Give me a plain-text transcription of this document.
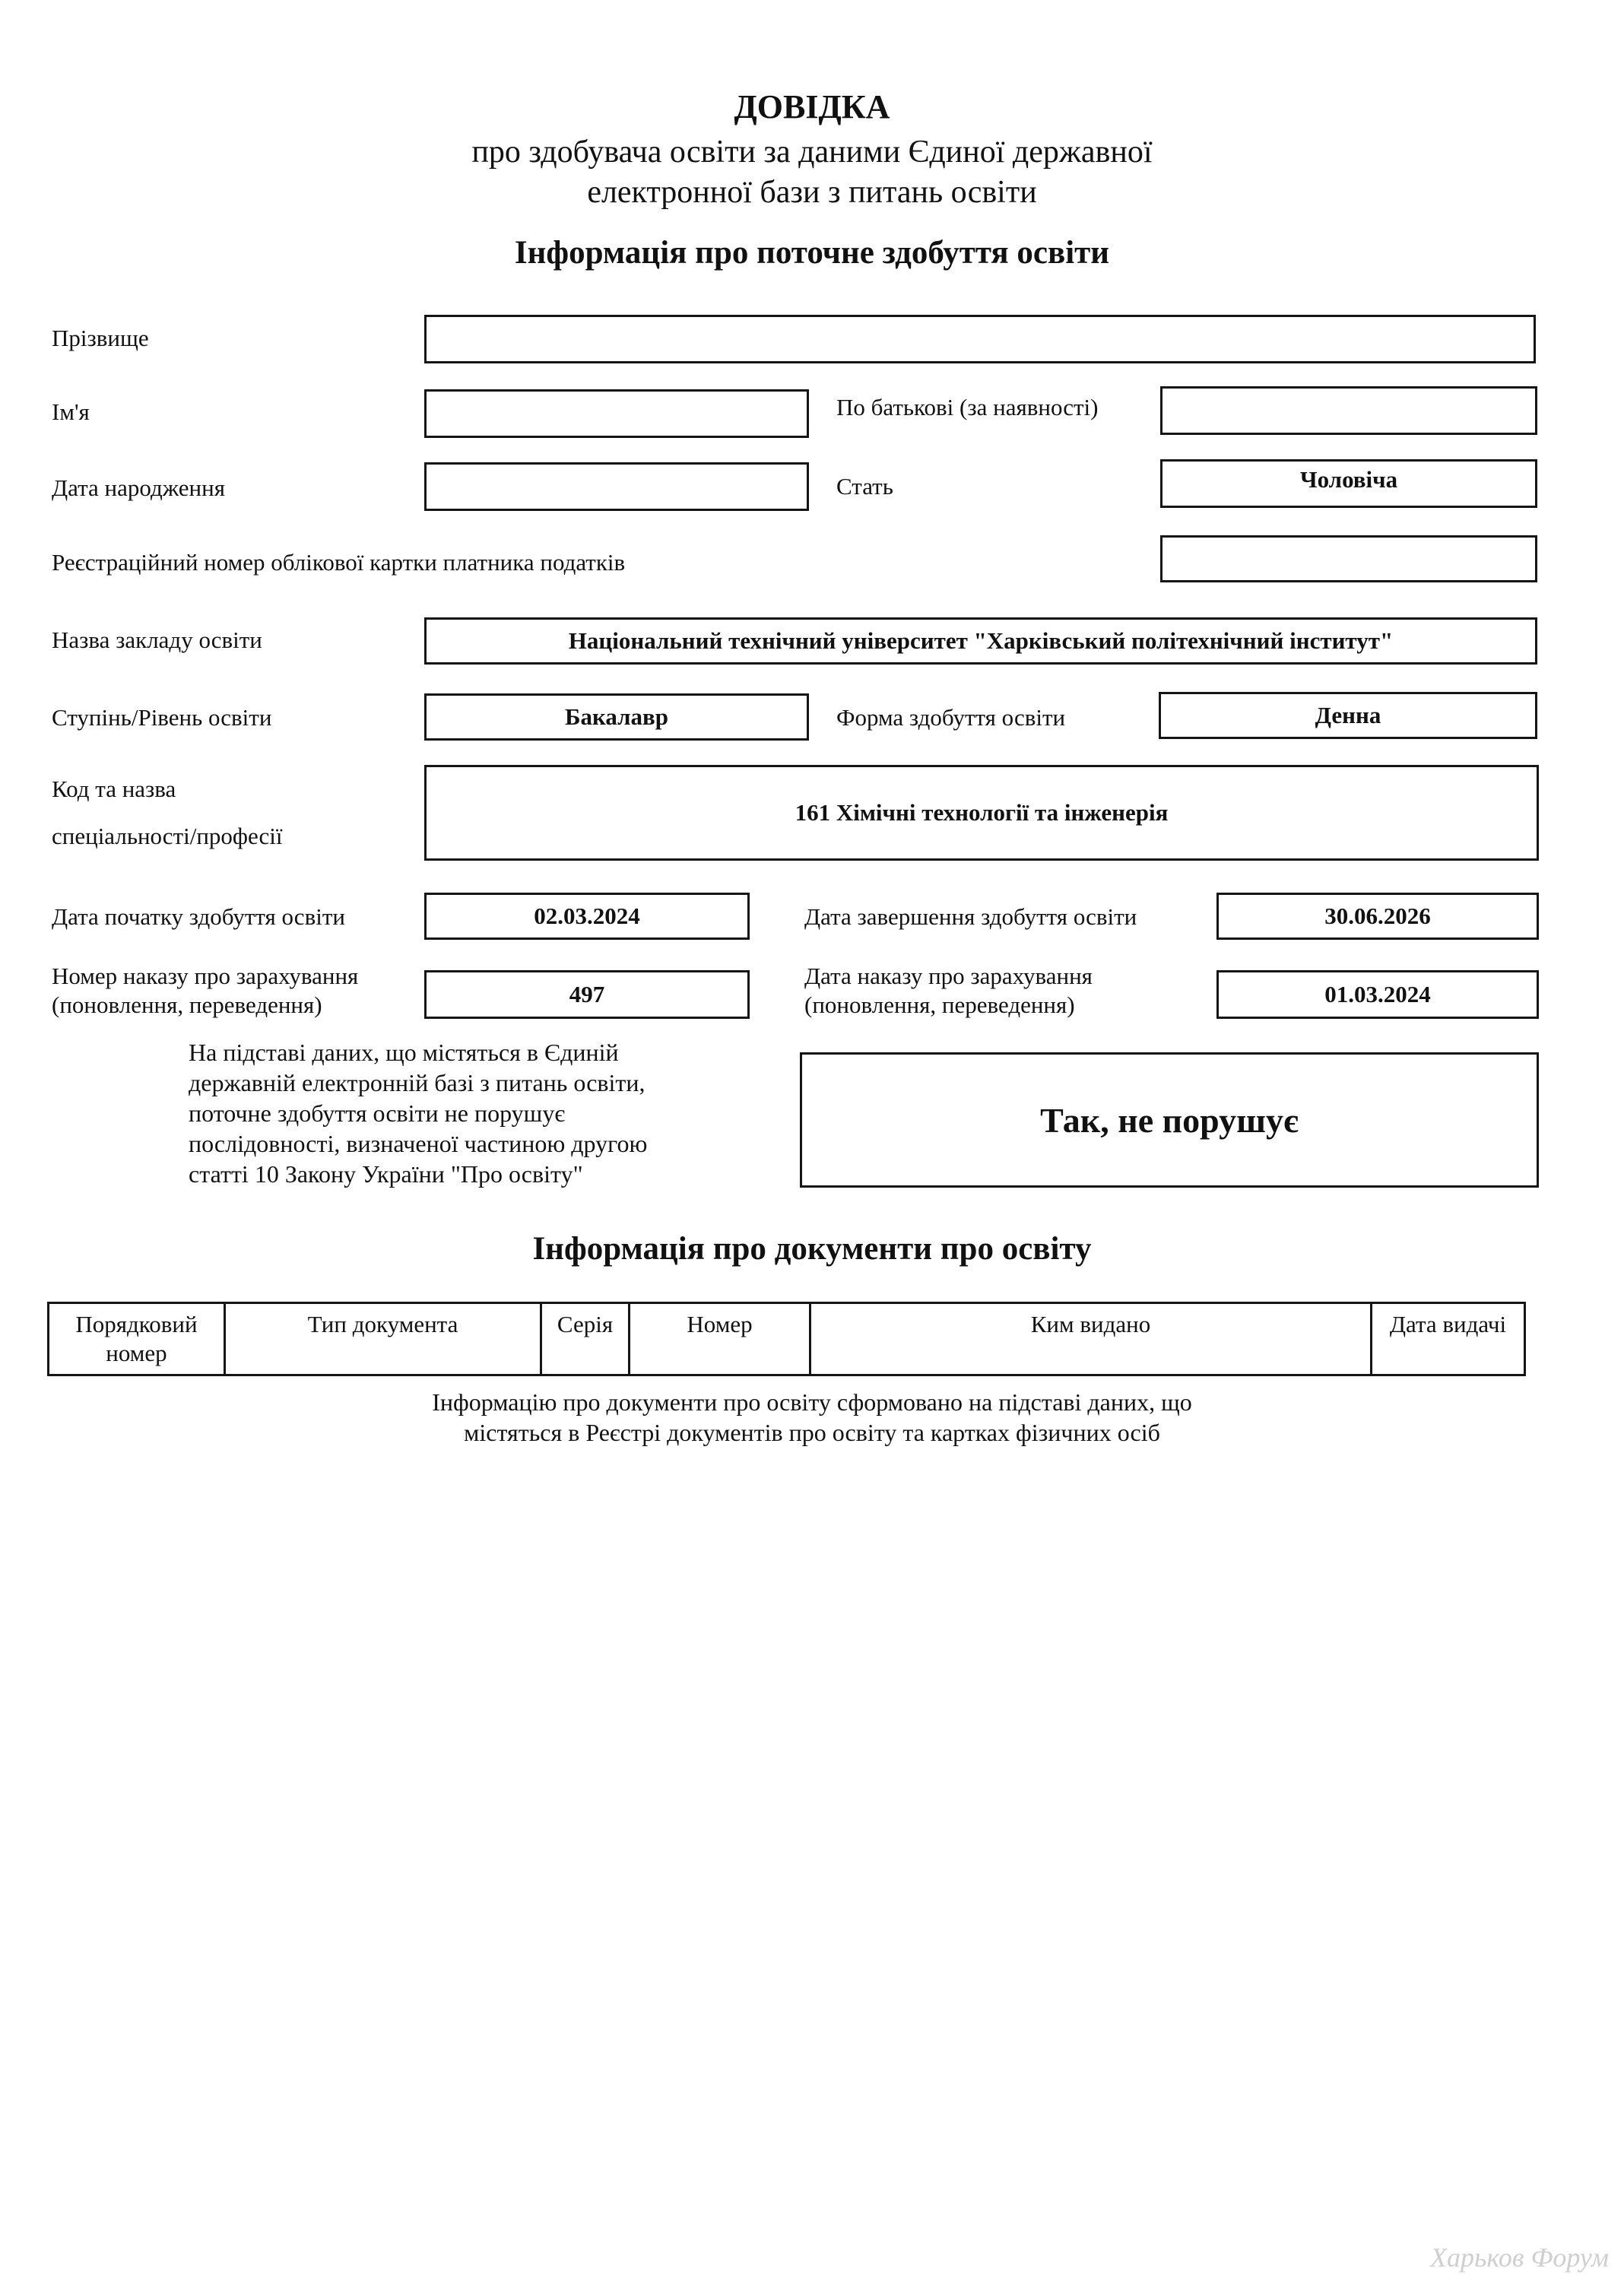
ДОВІДКА
про здобувача освіти за даними Єдиної державної
електронної бази з питань освіти
Інформація про поточне здобуття освіти
Прізвище
Ім'я	По батькові (за наявності)
Дата народження	Стать	Чоловіча
Реєстраційний номер облікової картки платника податків
Назва закладу освіти	Національний технічний університет "Харківський політехнічний інститут"
Ступінь/Рівень освіти	Бакалавр	Форма здобуття освіти	Денна
Код та назва
спеціальності/професії
161 Хімічні технології та інженерія
Дата початку здобуття освіти	02.03.2024	Дата завершення здобуття освіти	30.06.2026
Номер наказу про зарахування
(поновлення, переведення)	497
Дата наказу про зарахування
(поновлення, переведення)	01.03.2024
На підставі даних, що містяться в Єдиній
державній електронній базі з питань освіти,
поточне здобуття освіти не порушує
послідовності, визначеної частиною другою
статті 10 Закону України "Про освіту"
Так, не порушує
Інформація про документи про освіту
Порядковий номер	Тип документа	Серія	Номер	Ким видано	Дата видачі
Інформацію про документи про освіту сформовано на підставі даних, що
містяться в Реєстрі документів про освіту та картках фізичних осіб
Харьков Форум
